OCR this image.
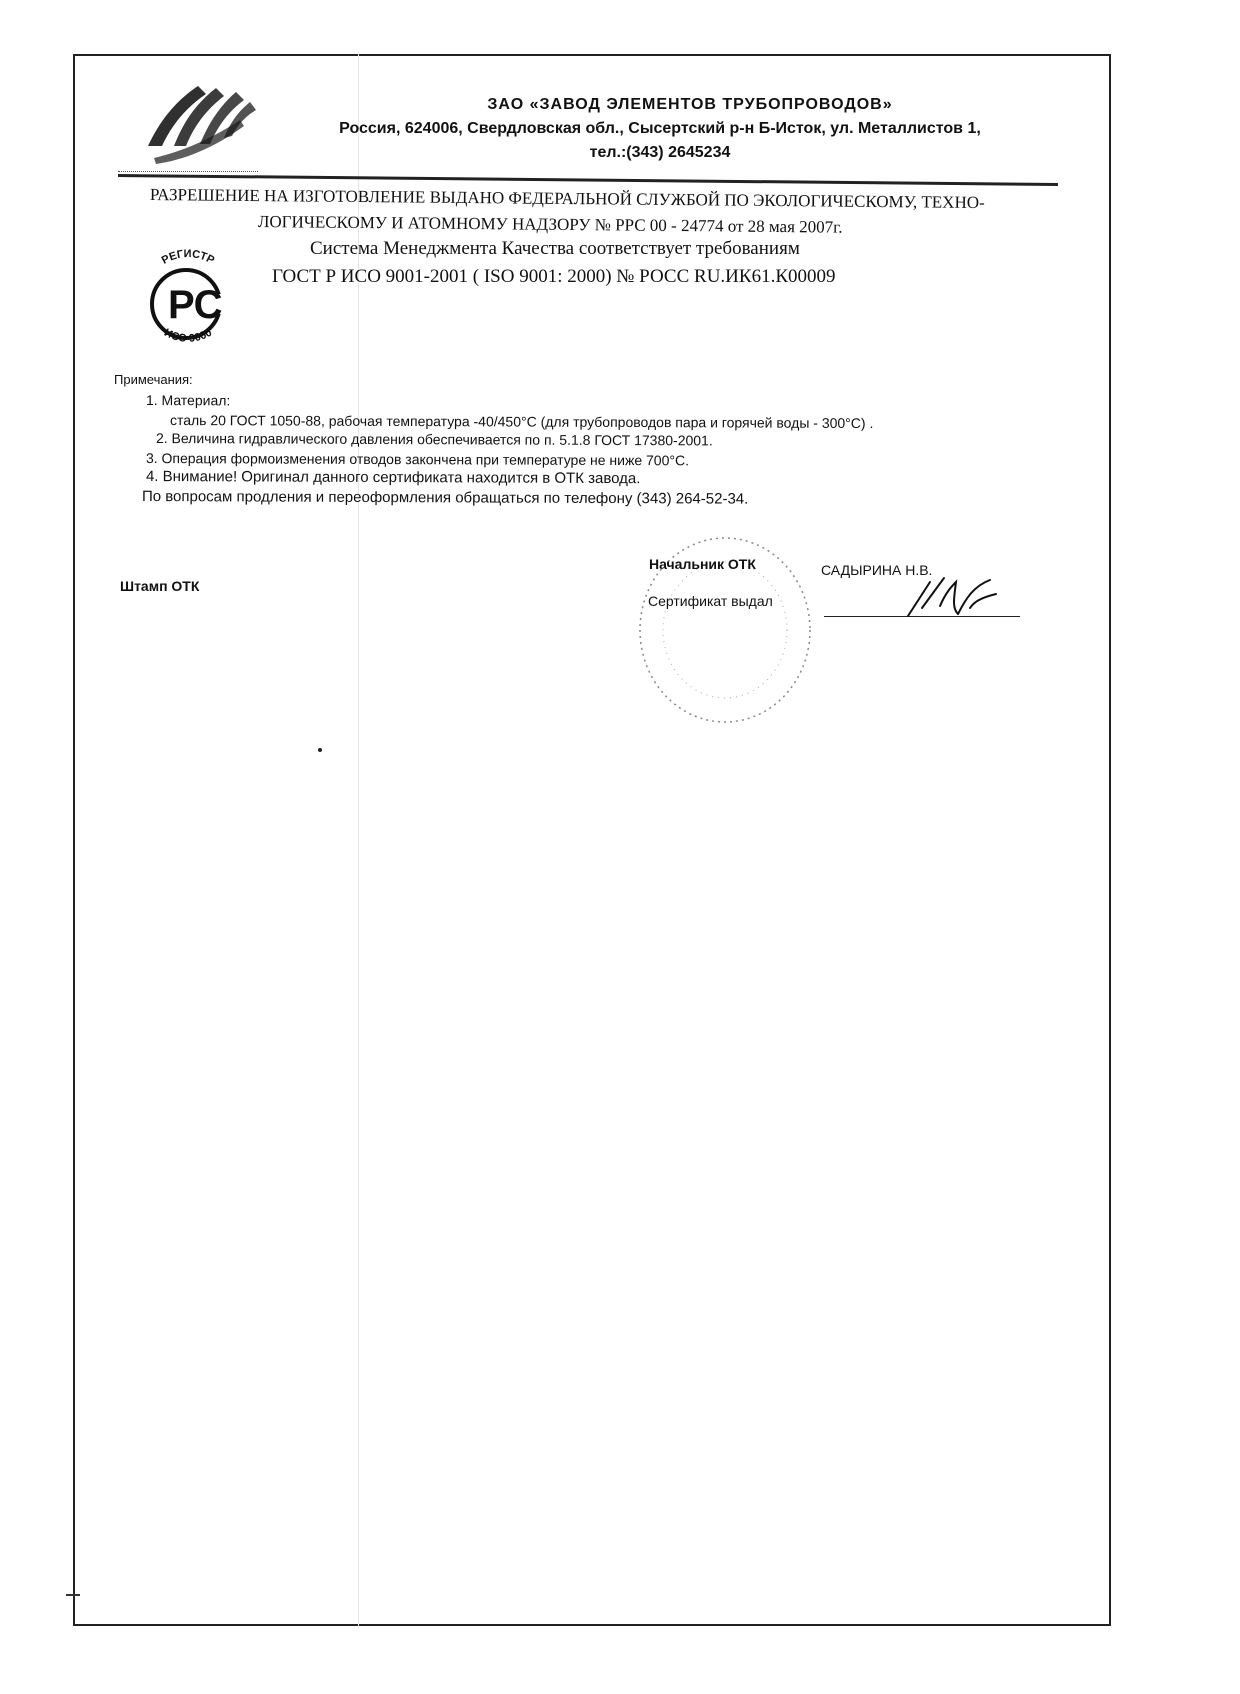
ЗАО «ЗАВОД ЭЛЕМЕНТОВ ТРУБОПРОВОДОВ»
Россия, 624006, Свердловская обл., Сысертский р-н Б-Исток, ул. Металлистов 1,
тел.:(343) 2645234
РАЗРЕШЕНИЕ НА ИЗГОТОВЛЕНИЕ ВЫДАНО ФЕДЕРАЛЬНОЙ СЛУЖБОЙ ПО ЭКОЛОГИЧЕСКОМУ, ТЕХНО-
ЛОГИЧЕСКОМУ И АТОМНОМУ НАДЗОРУ № РРС 00 - 24774 от 28 мая 2007г.
РЕГИСТР
РС
ИСО 9000
Система Менеджмента Качества соответствует требованиям
ГОСТ Р ИСО 9001-2001 ( ISO 9001: 2000) № РОСС RU.ИК61.К00009
Примечания:
1. Материал:
сталь 20 ГОСТ 1050-88, рабочая температура -40/450°С (для трубопроводов пара и горячей воды - 300°С) .
2. Величина гидравлического давления обеспечивается по п. 5.1.8 ГОСТ 17380-2001.
3. Операция формоизменения отводов закончена при температуре не ниже 700°С.
4. Внимание! Оригинал данного сертификата находится в ОТК завода.
По вопросам продления и переоформления обращаться по телефону (343) 264-52-34.
Штамп ОТК
Начальник ОТК	САДЫРИНА Н.В.
Сертификат выдал
